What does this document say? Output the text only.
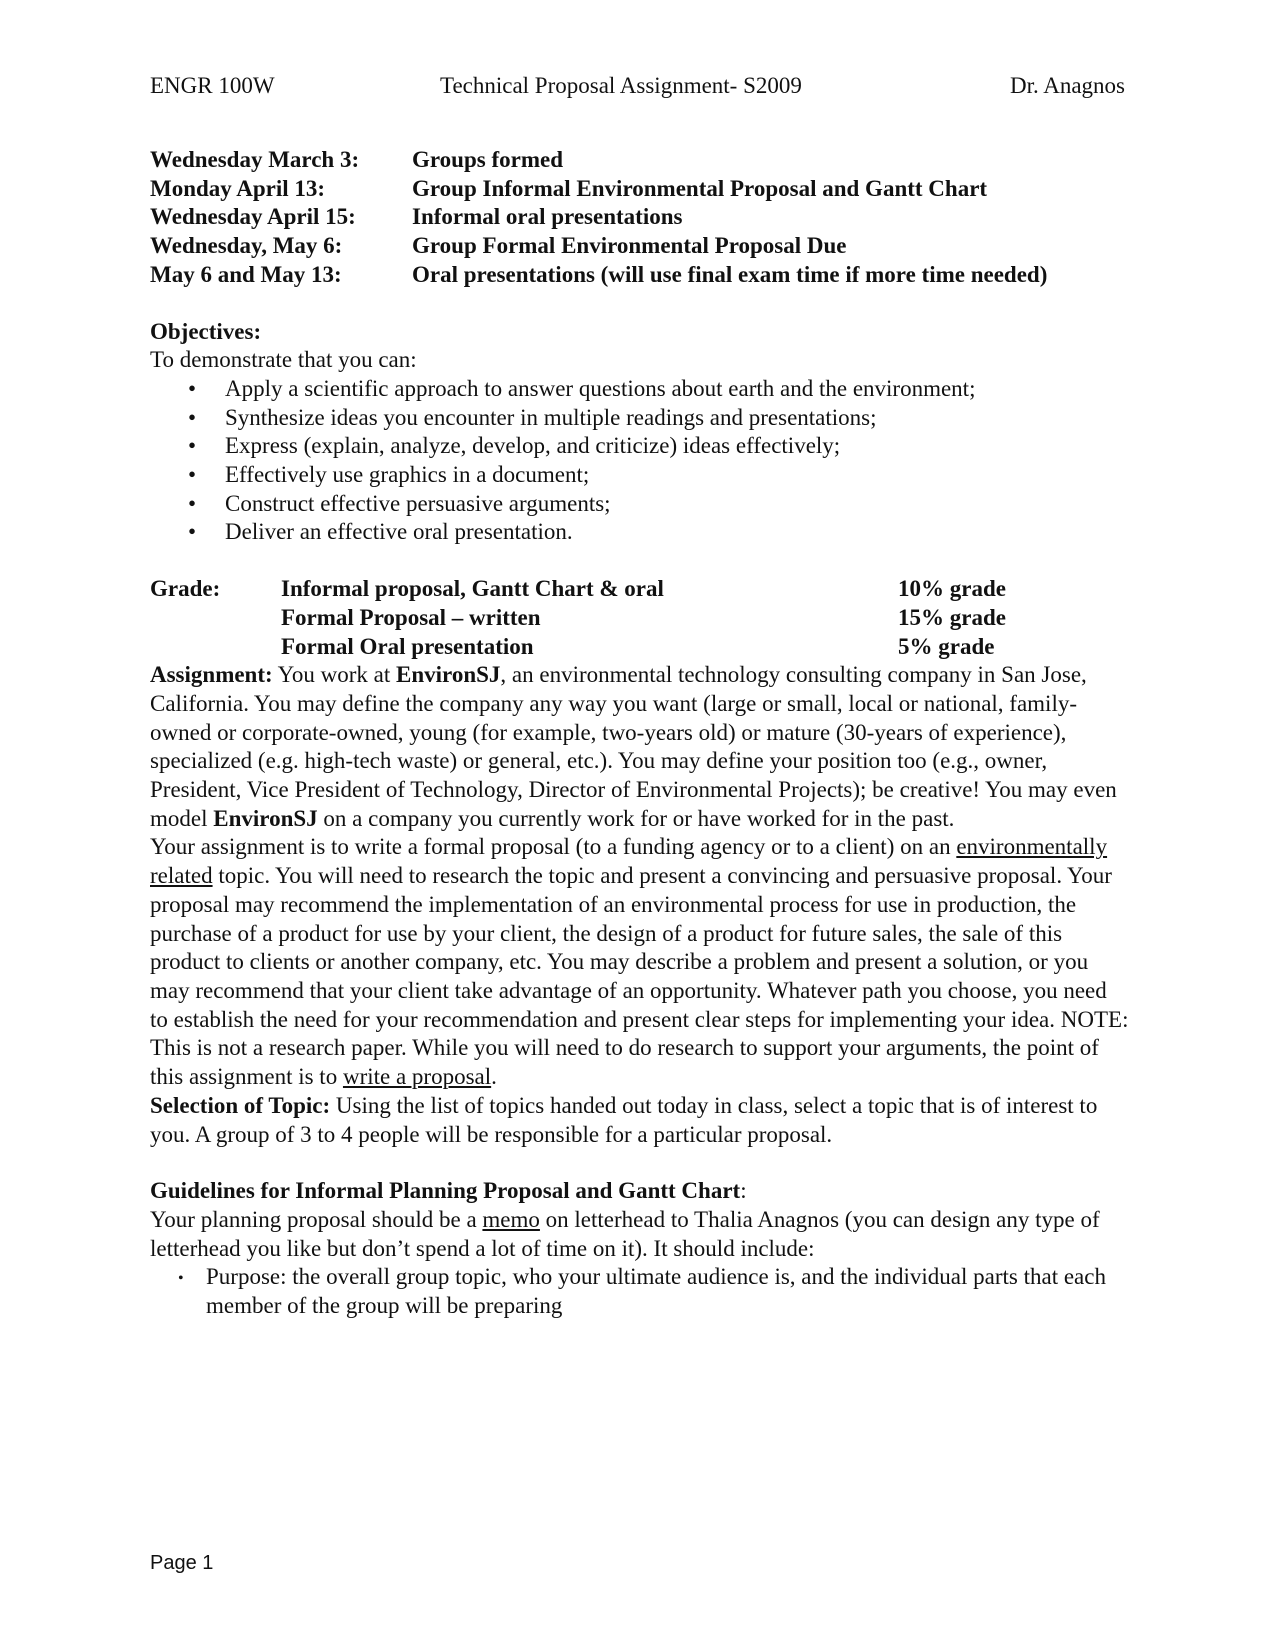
ENGR 100W	Technical Proposal Assignment- S2009	Dr. Anagnos
Wednesday March 3:	Groups formed
Monday April 13:	Group Informal Environmental Proposal and Gantt Chart
Wednesday April 15:	Informal oral presentations
Wednesday, May 6:	Group Formal Environmental Proposal Due
May 6 and May 13:	Oral presentations (will use final exam time if more time needed)
Objectives:
To demonstrate that you can:
• Apply a scientific approach to answer questions about earth and the environment;
• Synthesize ideas you encounter in multiple readings and presentations;
• Express (explain, analyze, develop, and criticize) ideas effectively;
• Effectively use graphics in a document;
• Construct effective persuasive arguments;
• Deliver an effective oral presentation.
Grade:	Informal proposal, Gantt Chart & oral	10% grade
Formal Proposal – written	15% grade
Formal Oral presentation	5% grade

Assignment: You work at EnvironSJ, an environmental technology consulting company in San Jose, California. You may define the company any way you want (large or small, local or national, family-owned or corporate-owned, young (for example, two-years old) or mature (30-years of experience), specialized (e.g. high-tech waste) or general, etc.). You may define your position too (e.g., owner, President, Vice President of Technology, Director of Environmental Projects); be creative! You may even model EnvironSJ on a company you currently work for or have worked for in the past.

Your assignment is to write a formal proposal (to a funding agency or to a client) on an environmentally related topic. You will need to research the topic and present a convincing and persuasive proposal. Your proposal may recommend the implementation of an environmental process for use in production, the purchase of a product for use by your client, the design of a product for future sales, the sale of this product to clients or another company, etc. You may describe a problem and present a solution, or you may recommend that your client take advantage of an opportunity. Whatever path you choose, you need to establish the need for your recommendation and present clear steps for implementing your idea. NOTE: This is not a research paper. While you will need to do research to support your arguments, the point of this assignment is to write a proposal.

Selection of Topic: Using the list of topics handed out today in class, select a topic that is of interest to you. A group of 3 to 4 people will be responsible for a particular proposal.

Guidelines for Informal Planning Proposal and Gantt Chart:

Your planning proposal should be a memo on letterhead to Thalia Anagnos (you can design any type of letterhead you like but don’t spend a lot of time on it). It should include:

• Purpose: the overall group topic, who your ultimate audience is, and the individual parts that each member of the group will be preparing
Page 1
